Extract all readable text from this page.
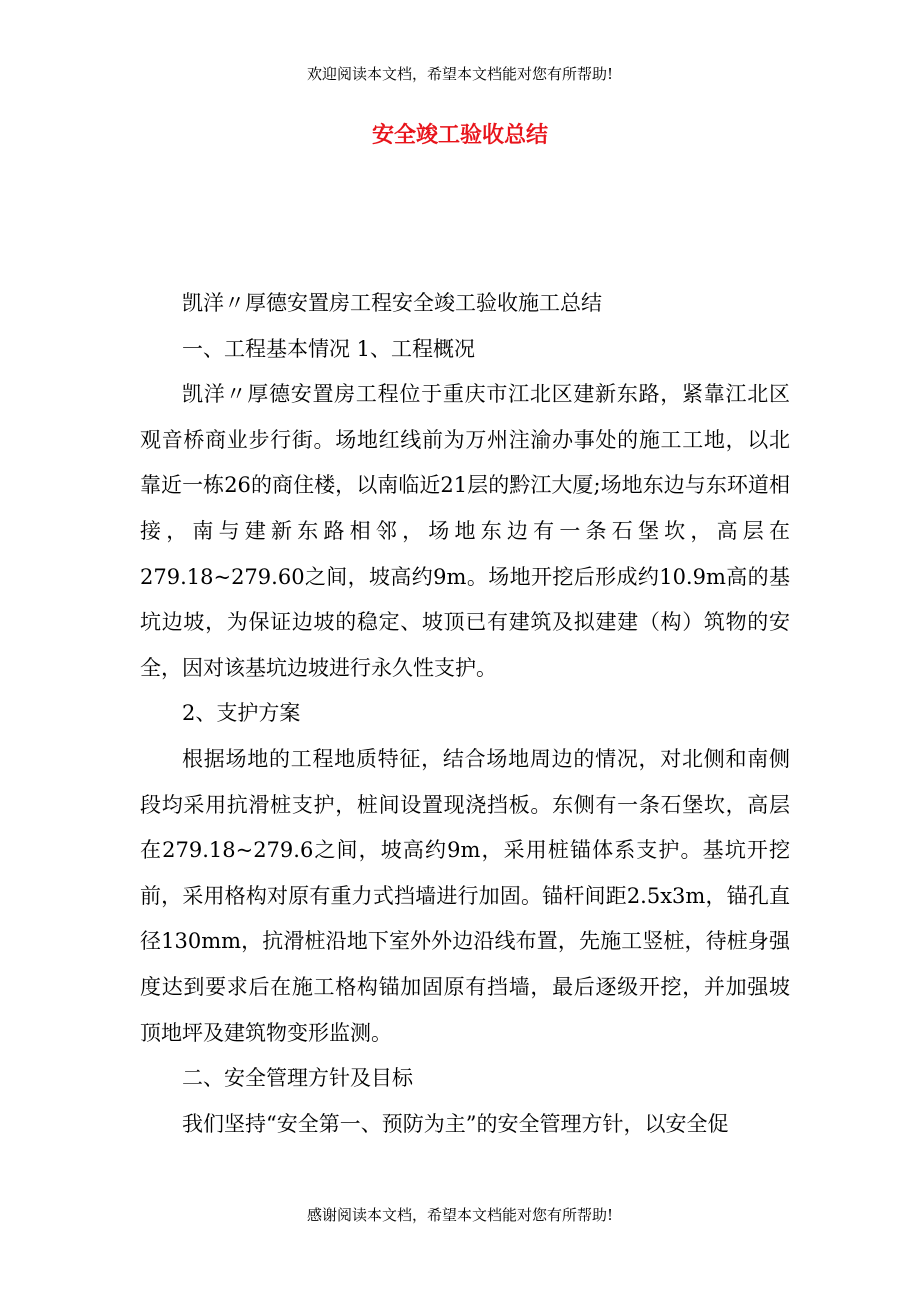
欢迎阅读本文档，希望本文档能对您有所帮助!
安全竣工验收总结

凯洋〃厚德安置房工程安全竣工验收施工总结

一、工程基本情况 1、工程概况

凯洋〃厚德安置房工程位于重庆市江北区建新东路，紧靠江北区观音桥商业步行街。场地红线前为万州注渝办事处的施工工地，以北靠近一栋26的商住楼，以南临近21层的黔江大厦;场地东边与东环道相接，南与建新东路相邻，场地东边有一条石堡坎，高层在279.18~279.60之间，坡高约9m。场地开挖后形成约10.9m高的基坑边坡，为保证边坡的稳定、坡顶已有建筑及拟建建（构）筑物的安全，因对该基坑边坡进行永久性支护。

2、支护方案

根据场地的工程地质特征，结合场地周边的情况，对北侧和南侧段均采用抗滑桩支护，桩间设置现浇挡板。东侧有一条石堡坎，高层在279.18~279.6之间，坡高约9m，采用桩锚体系支护。基坑开挖前，采用格构对原有重力式挡墙进行加固。锚杆间距2.5x3m，锚孔直径130mm，抗滑桩沿地下室外外边沿线布置，先施工竖桩，待桩身强度达到要求后在施工格构锚加固原有挡墙，最后逐级开挖，并加强坡顶地坪及建筑物变形监测。

二、安全管理方针及目标

我们坚持“安全第一、预防为主”的安全管理方针，以安全促

感谢阅读本文档，希望本文档能对您有所帮助!
